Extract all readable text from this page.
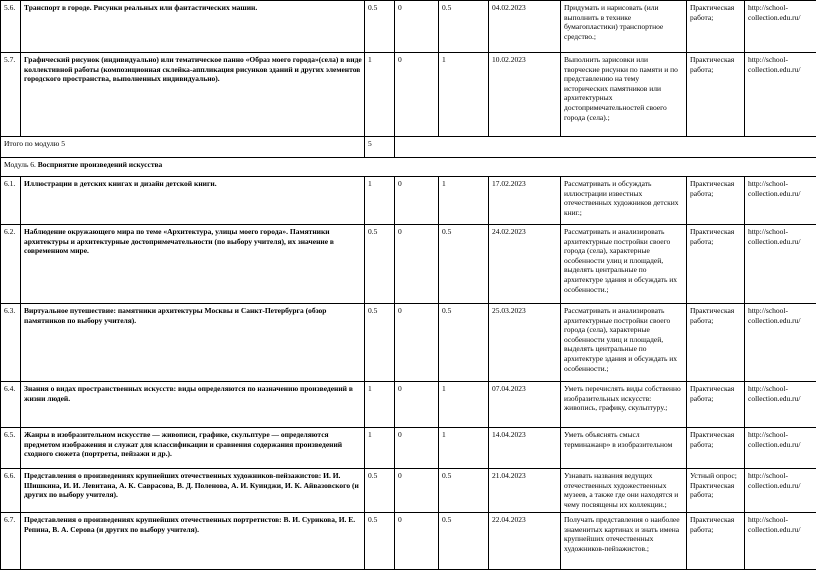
5.6.	Транспорт в городе. Рисунки реальных или фантастических машин.	0.5	0	0.5	04.02.2023	Придумать и нарисовать (или выполнить в технике бумагопластики) транспортное средство.;	Практическая работа;	http://school-collection.edu.ru/
5.7.	Графический рисунок (индивидуально) или тематическое панно «Образ моего города»(села) в виде коллективной работы (композиционная склейка-аппликация рисунков зданий и других элементов городского пространства, выполненных индивидуально).	1	0	1	10.02.2023	Выполнить зарисовки или творческие рисунки по памяти и по представлению на тему исторических памятников или архитектурных достопримечательностей своего города (села).;	Практическая работа;	http://school-collection.edu.ru/
Итого по модулю 5		5						
Модуль 6. Восприятие произведений искусства								
6.1.	Иллюстрации в детских книгах и дизайн детской книги.	1	0	1	17.02.2023	Рассматривать и обсуждать иллюстрации известных отечественных художников детских книг.;	Практическая работа;	http://school-collection.edu.ru/
6.2.	Наблюдение окружающего мира по теме «Архитектура, улицы моего города». Памятники архитектуры и архитектурные достопримечательности (по выбору учителя), их значение в современном мире.	0.5	0	0.5	24.02.2023	Рассматривать и анализировать архитектурные постройки своего города (села), характерные особенности улиц и площадей, выделять центральные по архитектуре здания и обсуждать их особенности.;	Практическая работа;	http://school-collection.edu.ru/
6.3.	Виртуальное путешествие: памятники архитектуры Москвы и Санкт-Петербурга (обзор памятников по выбору учителя).	0.5	0	0.5	25.03.2023	Рассматривать и анализировать архитектурные постройки своего города (села), характерные особенности улиц и площадей, выделять центральные по архитектуре здания и обсуждать их особенности.;	Практическая работа;	http://school-collection.edu.ru/
6.4.	Знания о видах пространственных искусств: виды определяются по назначению произведений в жизни людей.	1	0	1	07.04.2023	Уметь перечислять виды собственно изобразительных искусств: живопись, графику, скульптуру.;	Практическая работа;	http://school-collection.edu.ru/
6.5.	Жанры в изобразительном искусстве — живописи, графике, скульптуре — определяются предметом изображения и служат для классификации и сравнения содержания произведений сходного сюжета (портреты, пейзажи и др.).	1	0	1	14.04.2023	Уметь объяснять смысл терминажанр» в изобразительном	Практическая работа;	http://school-collection.edu.ru/
6.6.	Представления о произведениях крупнейших отечественных художников-пейзажистов: И. И. Шишкина, И. И. Левитана, А. К. Саврасова, В. Д. Поленова, А. И. Куинджи, И. К. Айвазовского (и других по выбору учителя).	0.5	0	0.5	21.04.2023	Узнавать названия ведущих отечественных художественных музеев, а также где они находятся и чему посвящены их коллекции.;	Устный опрос; Практическая работа;	http://school-collection.edu.ru/
6.7.	Представления о произведениях крупнейших отечественных портретистов: В. И. Сурикова, И. Е. Репина, В. А. Серова (и других по выбору учителя).	0.5	0	0.5	22.04.2023	Получать представления о наиболее знаменитых картинах и знать имена крупнейших отечественных художников-пейзажистов.;	Практическая работа;	http://school-collection.edu.ru/
